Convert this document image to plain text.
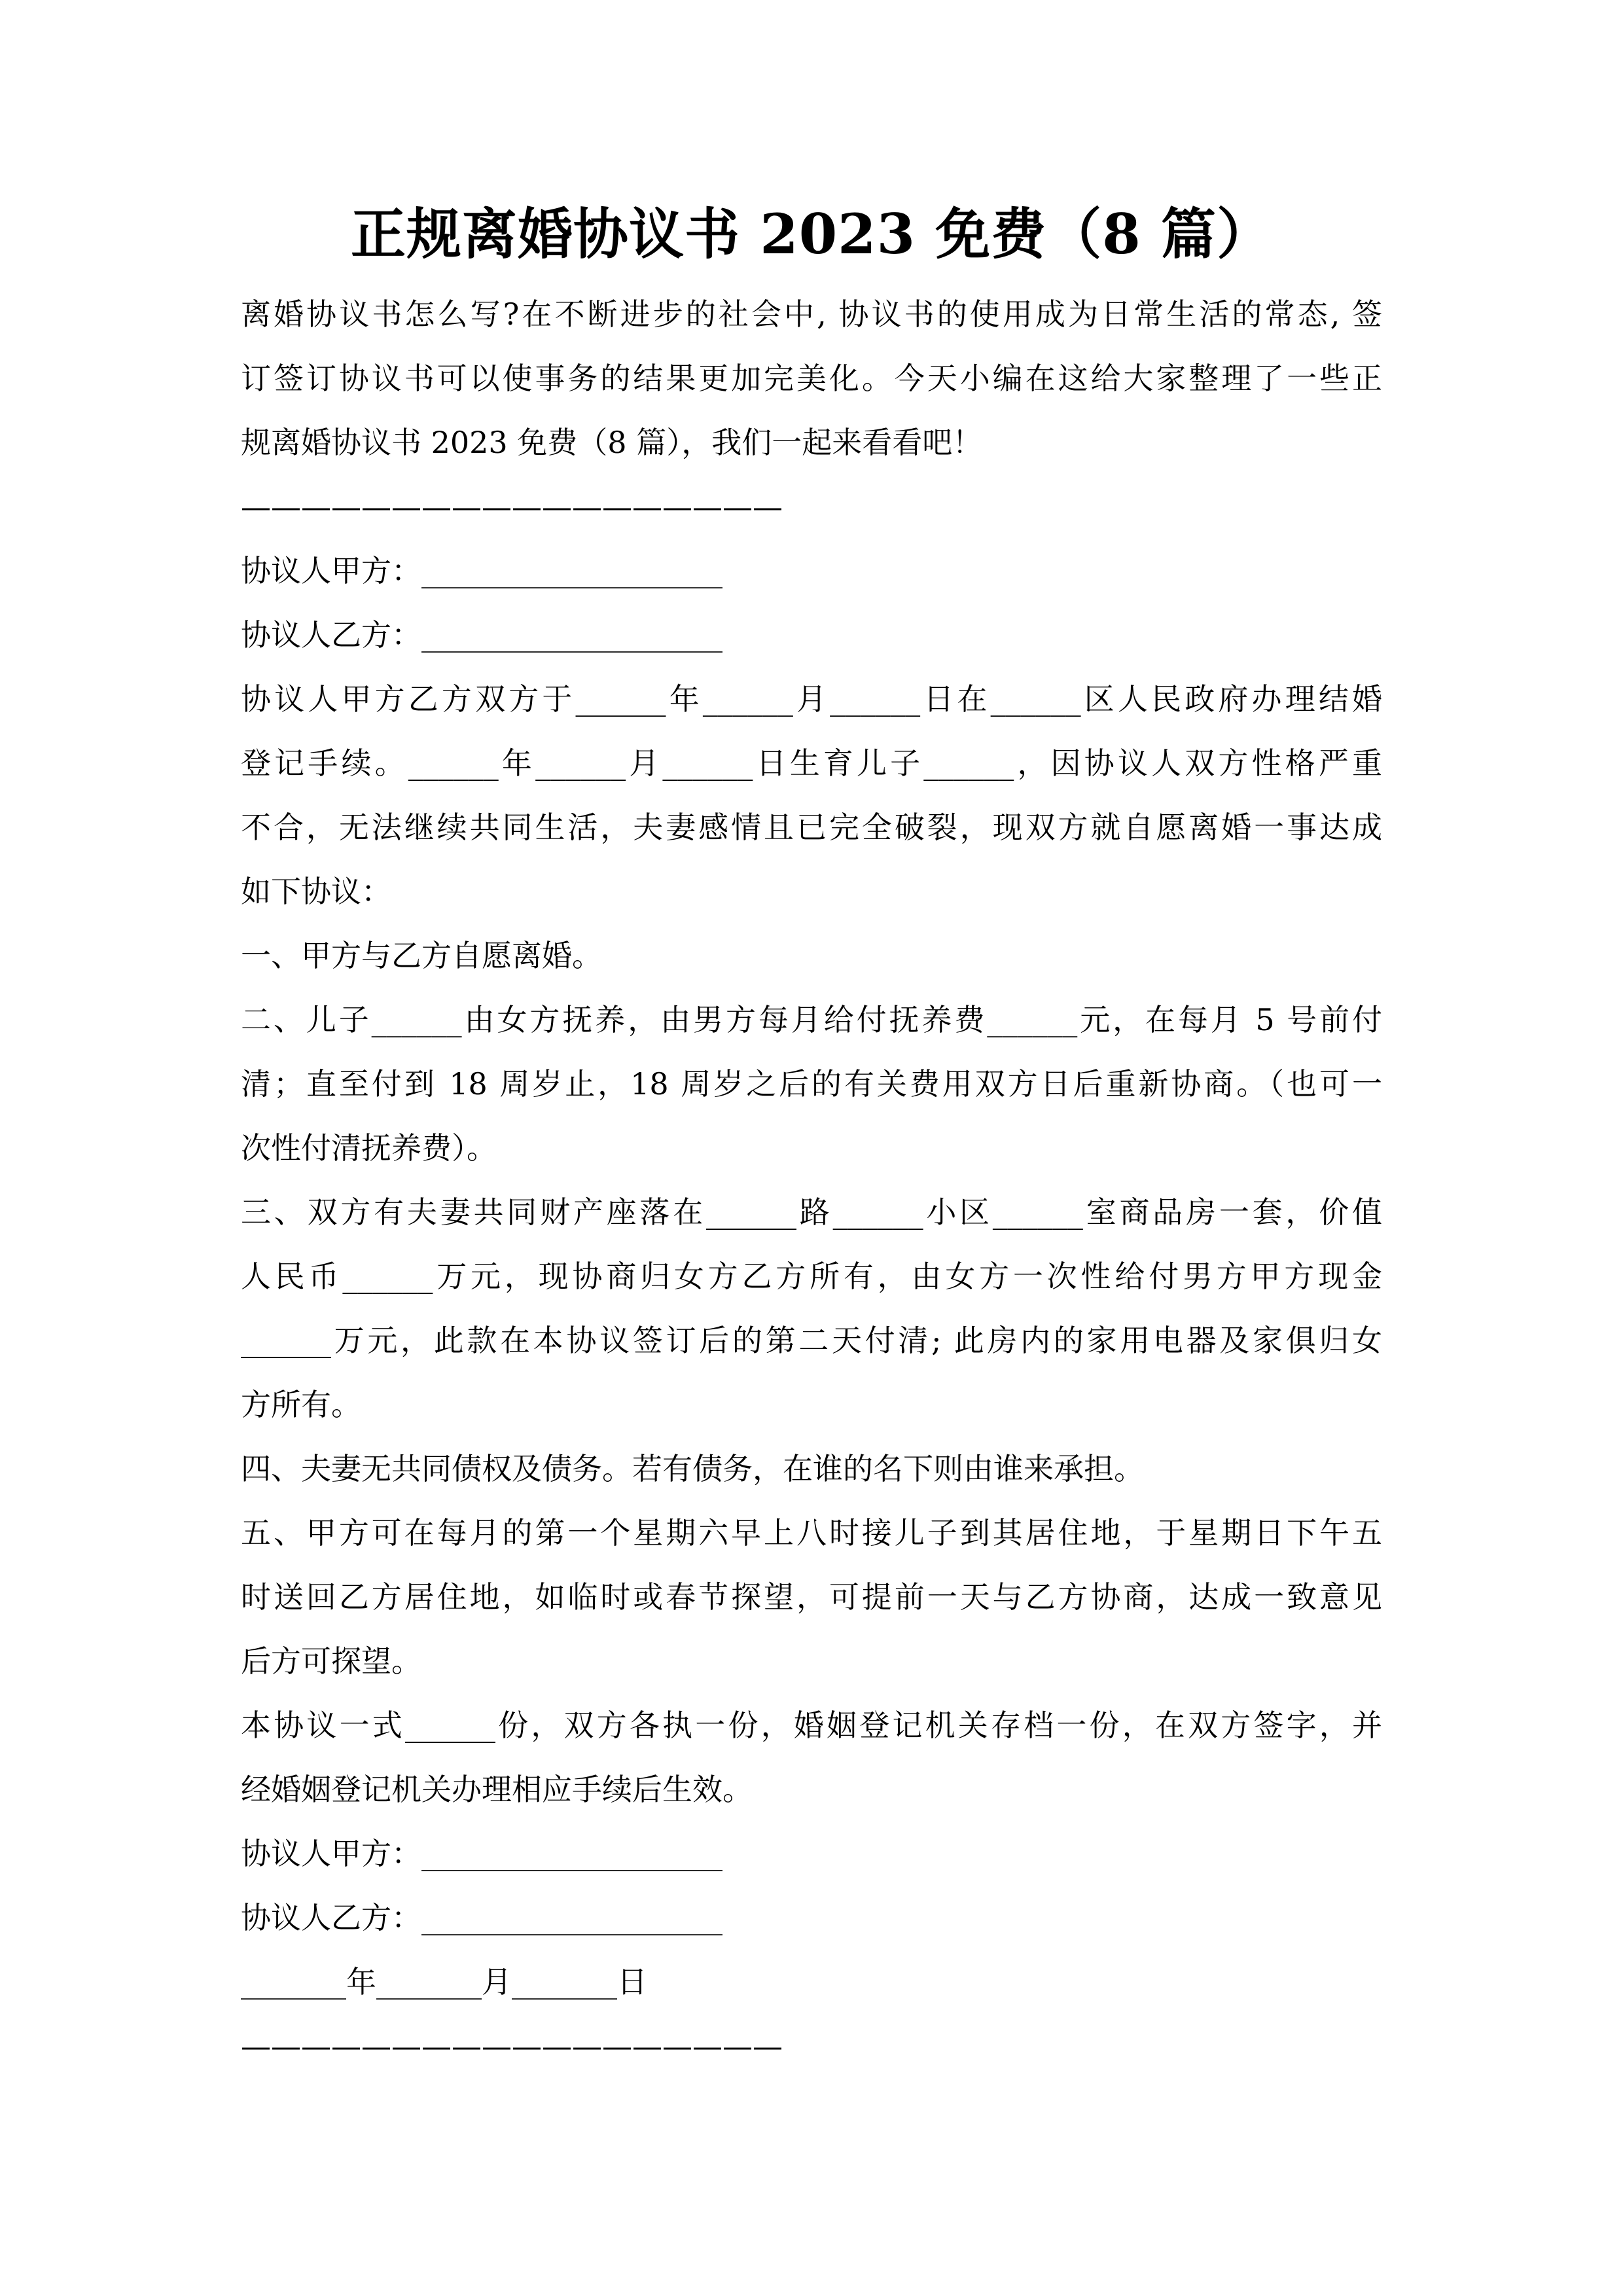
正规离婚协议书 2023 免费（8 篇）
离婚协议书怎么写?在不断进步的社会中, 协议书的使用成为日常生活的常态, 签
订签订协议书可以使事务的结果更加完美化。今天小编在这给大家整理了一些正
规离婚协议书 2023 免费（8 篇），我们一起来看看吧！
——————————————————
协议人甲方：____________________
协议人乙方：____________________
协议人甲方乙方双方于______年______月______日在______区人民政府办理结婚
登记手续。______年______月______日生育儿子______，因协议人双方性格严重
不合，无法继续共同生活，夫妻感情且已完全破裂，现双方就自愿离婚一事达成
如下协议：
一、甲方与乙方自愿离婚。
二、儿子______由女方抚养，由男方每月给付抚养费______元，在每月 5 号前付
清；直至付到 18 周岁止，18 周岁之后的有关费用双方日后重新协商。（也可一
次性付清抚养费）。
三、双方有夫妻共同财产座落在______路______小区______室商品房一套，价值
人民币______万元，现协商归女方乙方所有，由女方一次性给付男方甲方现金
______万元，此款在本协议签订后的第二天付清; 此房内的家用电器及家俱归女
方所有。
四、夫妻无共同债权及债务。若有债务，在谁的名下则由谁来承担。
五、甲方可在每月的第一个星期六早上八时接儿子到其居住地，于星期日下午五
时送回乙方居住地，如临时或春节探望，可提前一天与乙方协商，达成一致意见
后方可探望。
本协议一式______份，双方各执一份，婚姻登记机关存档一份，在双方签字，并
经婚姻登记机关办理相应手续后生效。
协议人甲方：____________________
协议人乙方：____________________
_______年_______月_______日
——————————————————
